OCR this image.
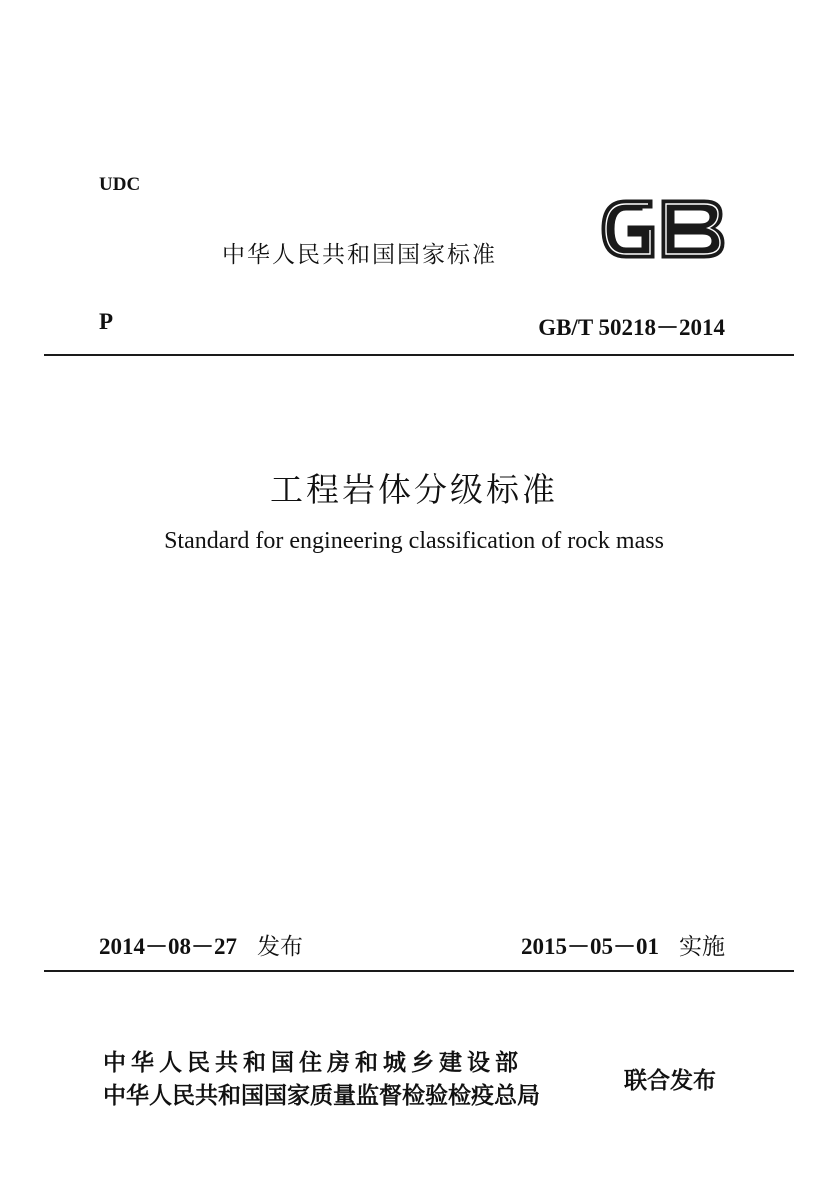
UDC
中华人民共和国国家标准
GB
P	GB/T 50218－2014
工程岩体分级标准
Standard for engineering classification of rock mass
2014－08－27 发布	2015－05－01 实施
中华人民共和国住房和城乡建设部
中华人民共和国国家质量监督检验检疫总局
联合发布
